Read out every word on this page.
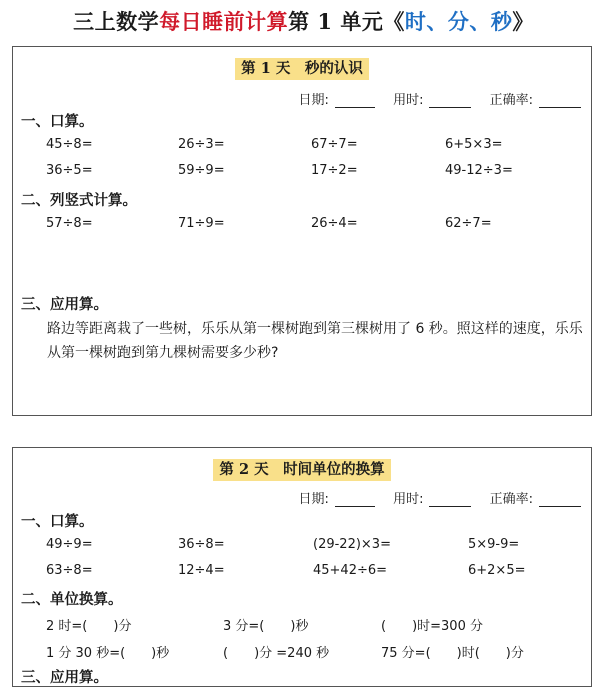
三上数学每日睡前计算第 1 单元《时、分、秒》
第 1 天　秒的认识
日期:	用时:	正确率:
一、口算。
45÷8=	26÷3=	67÷7=	6+5×3=
36÷5=	59÷9=	17÷2=	49-12÷3=
二、列竖式计算。
57÷8=	71÷9=	26÷4=	62÷7=
三、应用算。
路边等距离栽了一些树，乐乐从第一棵树跑到第三棵树用了 6 秒。照这样的速度，乐乐从第一棵树跑到第九棵树需要多少秒?
第 2 天　时间单位的换算
日期:	用时:	正确率:
一、口算。
49÷9=	36÷8=	(29-22)×3=	5×9-9=
63÷8=	12÷4=	45+42÷6=	6+2×5=
二、单位换算。
2 时=(　　)分	3 分=(　　)秒	(　　)时=300 分
1 分 30 秒=(　　)秒	(　　)分 =240 秒	75 分=(　　)时(　　)分
三、应用算。
